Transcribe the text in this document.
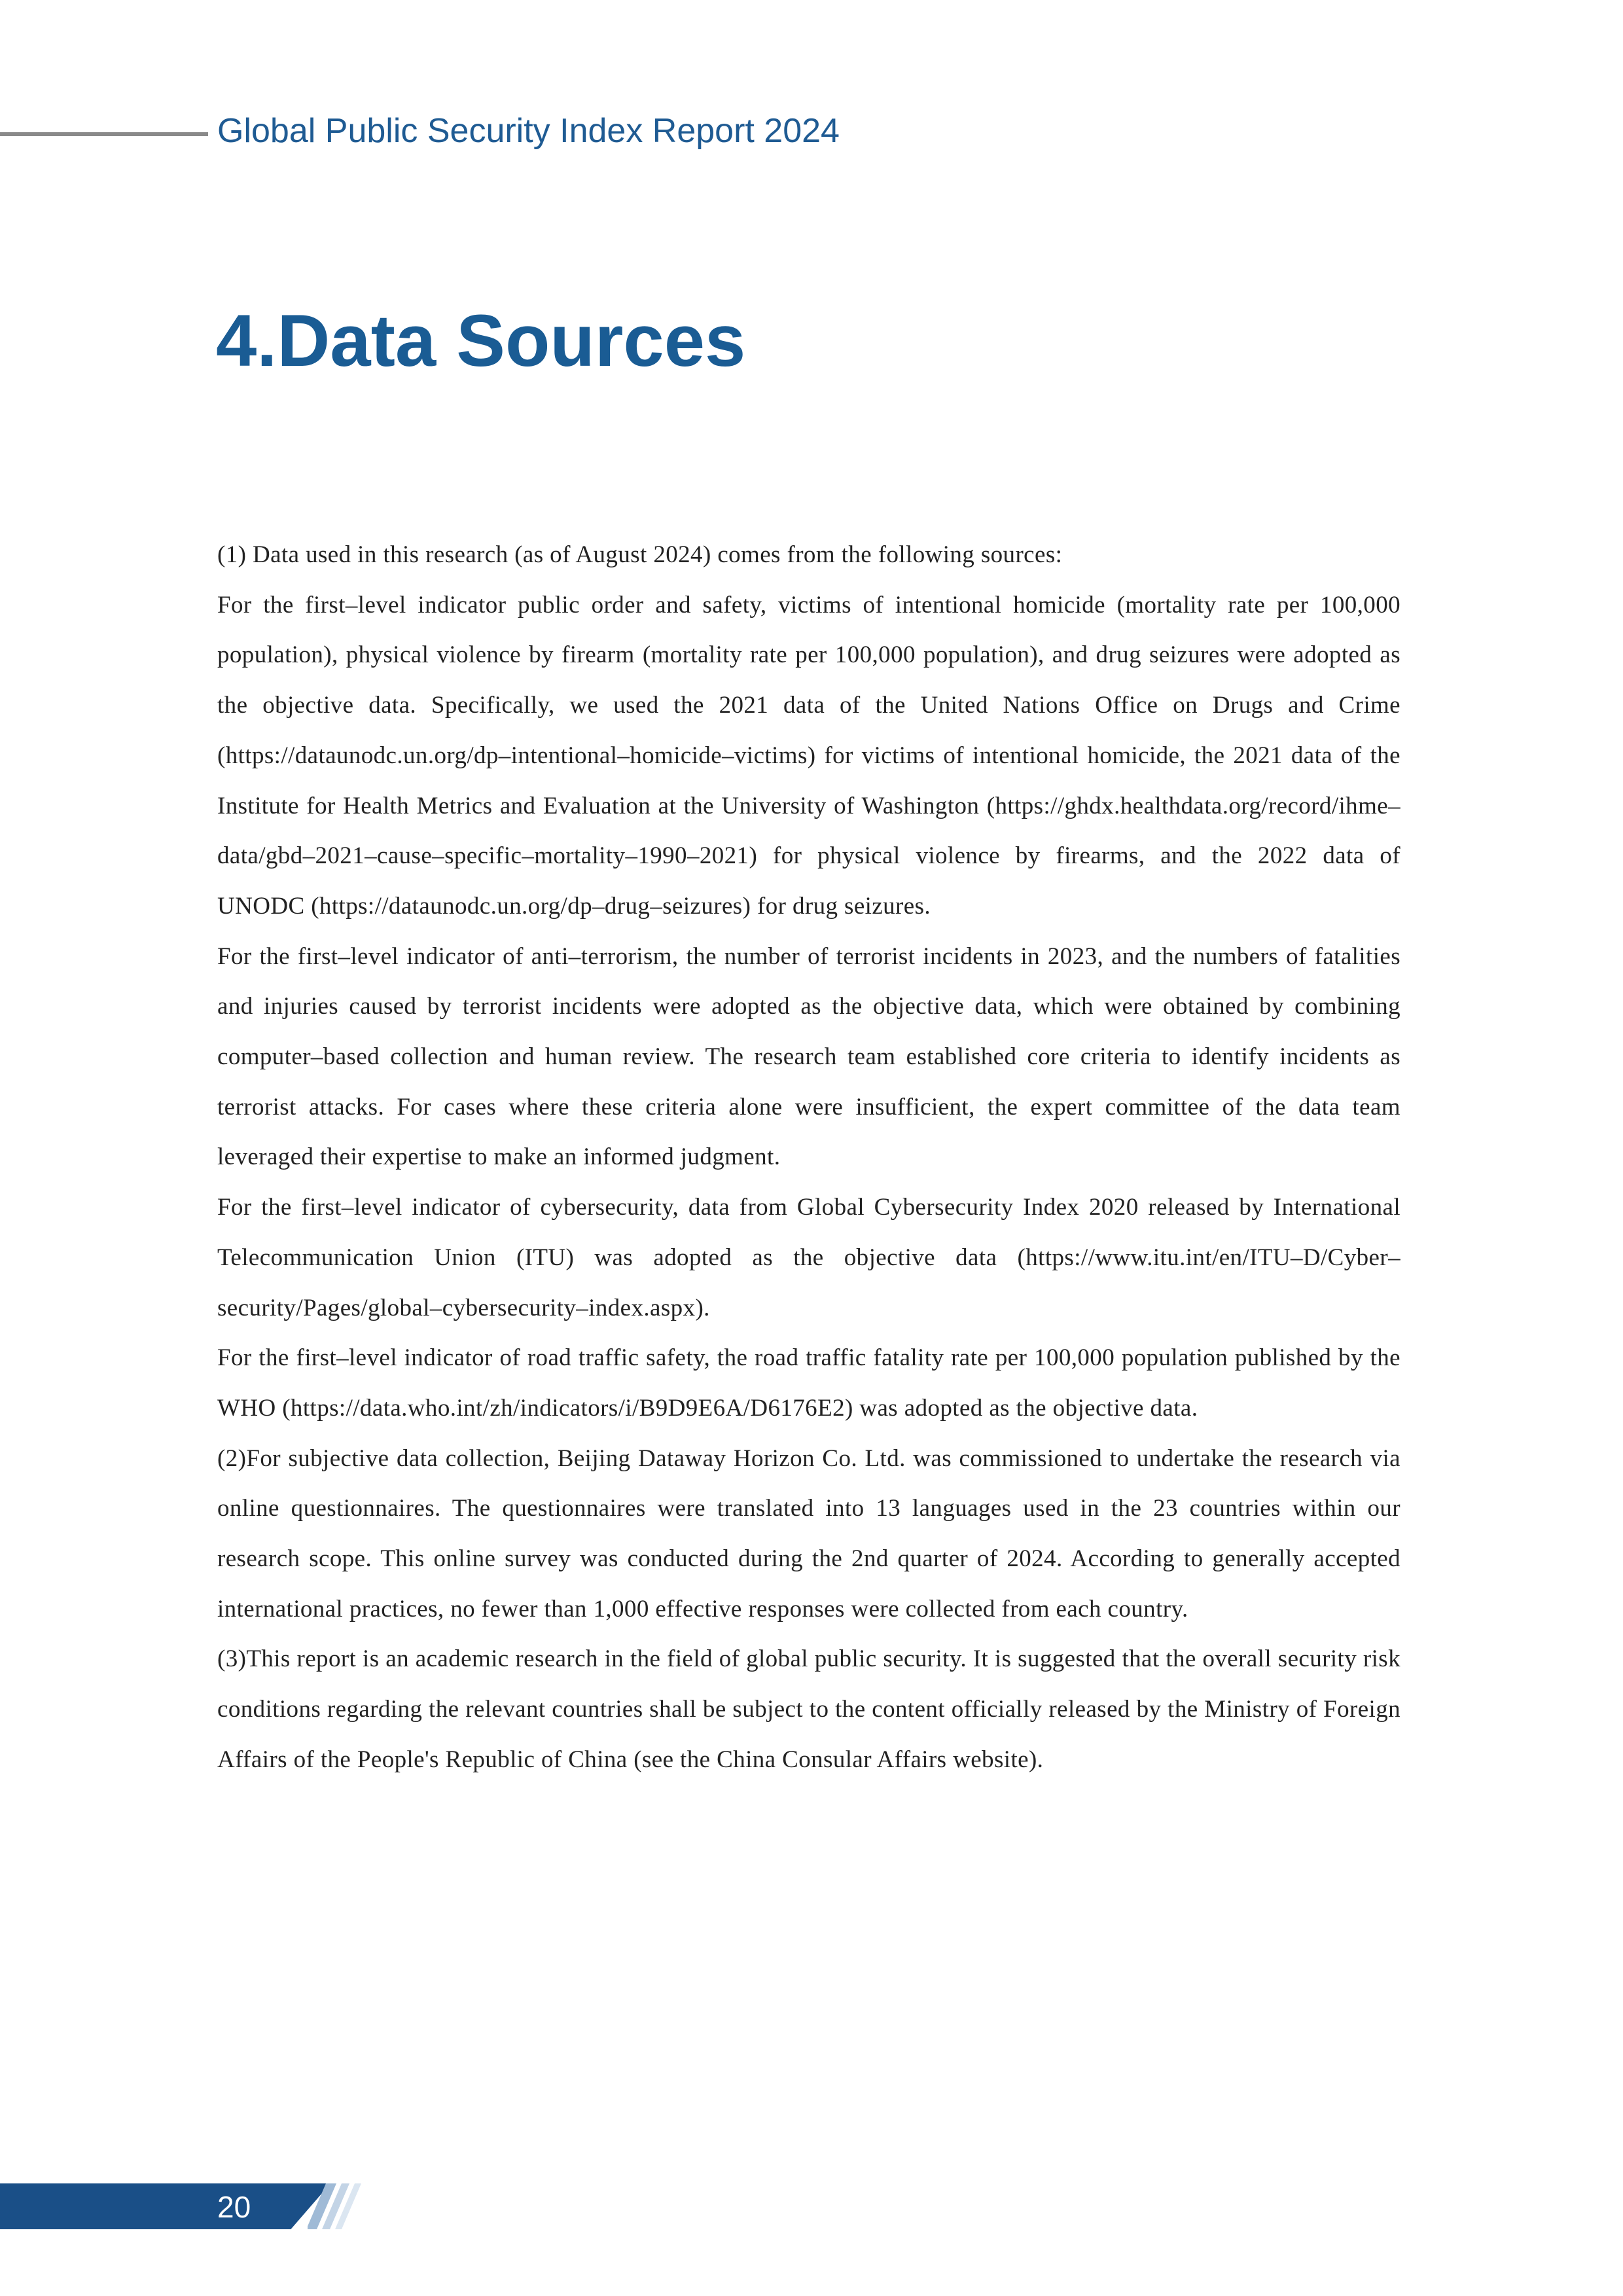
Global Public Security Index Report 2024
4.Data Sources

(1) Data used in this research (as of August 2024) comes from the following sources:

For the first–level indicator public order and safety, victims of intentional homicide (mortality rate per 100,000 population), physical violence by firearm (mortality rate per 100,000 population), and drug seizures were adopted as the objective data. Specifically, we used the 2021 data of the United Nations Office on Drugs and Crime (https://dataunodc.un.org/dp–intentional–homicide–victims) for victims of intentional homicide, the 2021 data of the Institute for Health Metrics and Evaluation at the University of Washington (https://ghdx.healthdata.org/record/ihme–data/gbd–2021–cause–specific–mortality–1990–2021) for physical violence by firearms, and the 2022 data of UNODC (https://dataunodc.un.org/dp–drug–seizures) for drug seizures.

For the first–level indicator of anti–terrorism, the number of terrorist incidents in 2023, and the numbers of fatalities and injuries caused by terrorist incidents were adopted as the objective data, which were obtained by combining computer–based collection and human review. The research team established core criteria to identify incidents as terrorist attacks. For cases where these criteria alone were insufficient, the expert committee of the data team leveraged their expertise to make an informed judgment.

For the first–level indicator of cybersecurity, data from Global Cybersecurity Index 2020 released by International Telecommunication Union (ITU) was adopted as the objective data (https://www.itu.int/en/ITU–D/Cyber–security/Pages/global–cybersecurity–index.aspx).

For the first–level indicator of road traffic safety, the road traffic fatality rate per 100,000 population published by the WHO (https://data.who.int/zh/indicators/i/B9D9E6A/D6176E2) was adopted as the objective data.

(2)For subjective data collection, Beijing Dataway Horizon Co. Ltd. was commissioned to undertake the research via online questionnaires. The questionnaires were translated into 13 languages used in the 23 countries within our research scope. This online survey was conducted during the 2nd quarter of 2024. According to generally accepted international practices, no fewer than 1,000 effective responses were collected from each country.

(3)This report is an academic research in the field of global public security. It is suggested that the overall security risk conditions regarding the relevant countries shall be subject to the content officially released by the Ministry of Foreign Affairs of the People's Republic of China (see the China Consular Affairs website).

20
